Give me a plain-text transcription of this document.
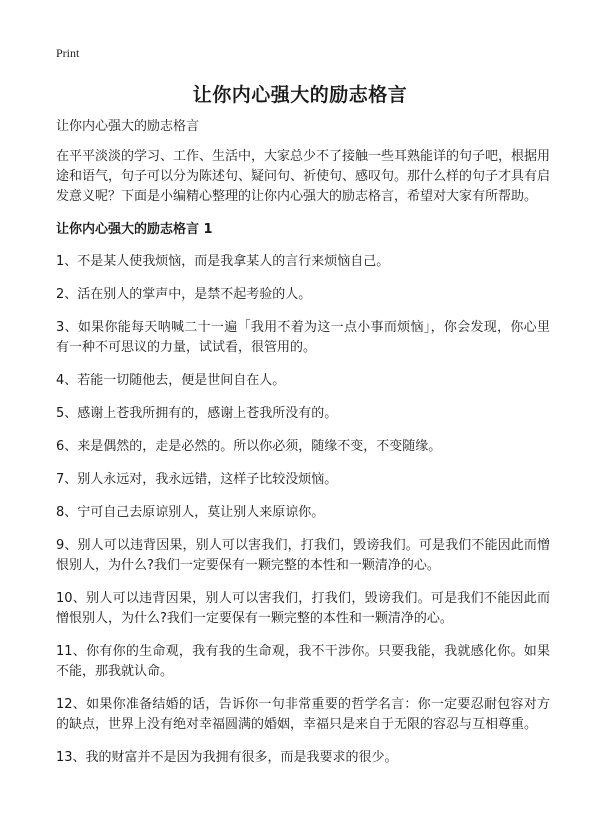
Print
让你内心强大的励志格言

让你内心强大的励志格言

在平平淡淡的学习、工作、生活中，大家总少不了接触一些耳熟能详的句子吧，根据用途和语气，句子可以分为陈述句、疑问句、祈使句、感叹句。那什么样的句子才具有启发意义呢？下面是小编精心整理的让你内心强大的励志格言，希望对大家有所帮助。

让你内心强大的励志格言 1

1、不是某人使我烦恼，而是我拿某人的言行来烦恼自己。
2、活在别人的掌声中，是禁不起考验的人。
3、如果你能每天呐喊二十一遍「我用不着为这一点小事而烦恼」，你会发现，你心里有一种不可思议的力量，试试看，很管用的。
4、若能一切随他去，便是世间自在人。
5、感谢上苍我所拥有的，感谢上苍我所没有的。
6、来是偶然的，走是必然的。所以你必须，随缘不变，不变随缘。
7、别人永远对，我永远错，这样子比较没烦恼。
8、宁可自己去原谅别人，莫让别人来原谅你。
9、别人可以违背因果，别人可以害我们，打我们，毁谤我们。可是我们不能因此而憎恨别人，为什么?我们一定要保有一颗完整的本性和一颗清净的心。
10、别人可以违背因果，别人可以害我们，打我们，毁谤我们。可是我们不能因此而憎恨别人，为什么?我们一定要保有一颗完整的本性和一颗清净的心。
11、你有你的生命观，我有我的生命观，我不干涉你。只要我能，我就感化你。如果不能，那我就认命。
12、如果你准备结婚的话，告诉你一句非常重要的哲学名言：你一定要忍耐包容对方的缺点，世界上没有绝对幸福圆满的婚姻，幸福只是来自于无限的容忍与互相尊重。
13、我的财富并不是因为我拥有很多，而是我要求的很少。
